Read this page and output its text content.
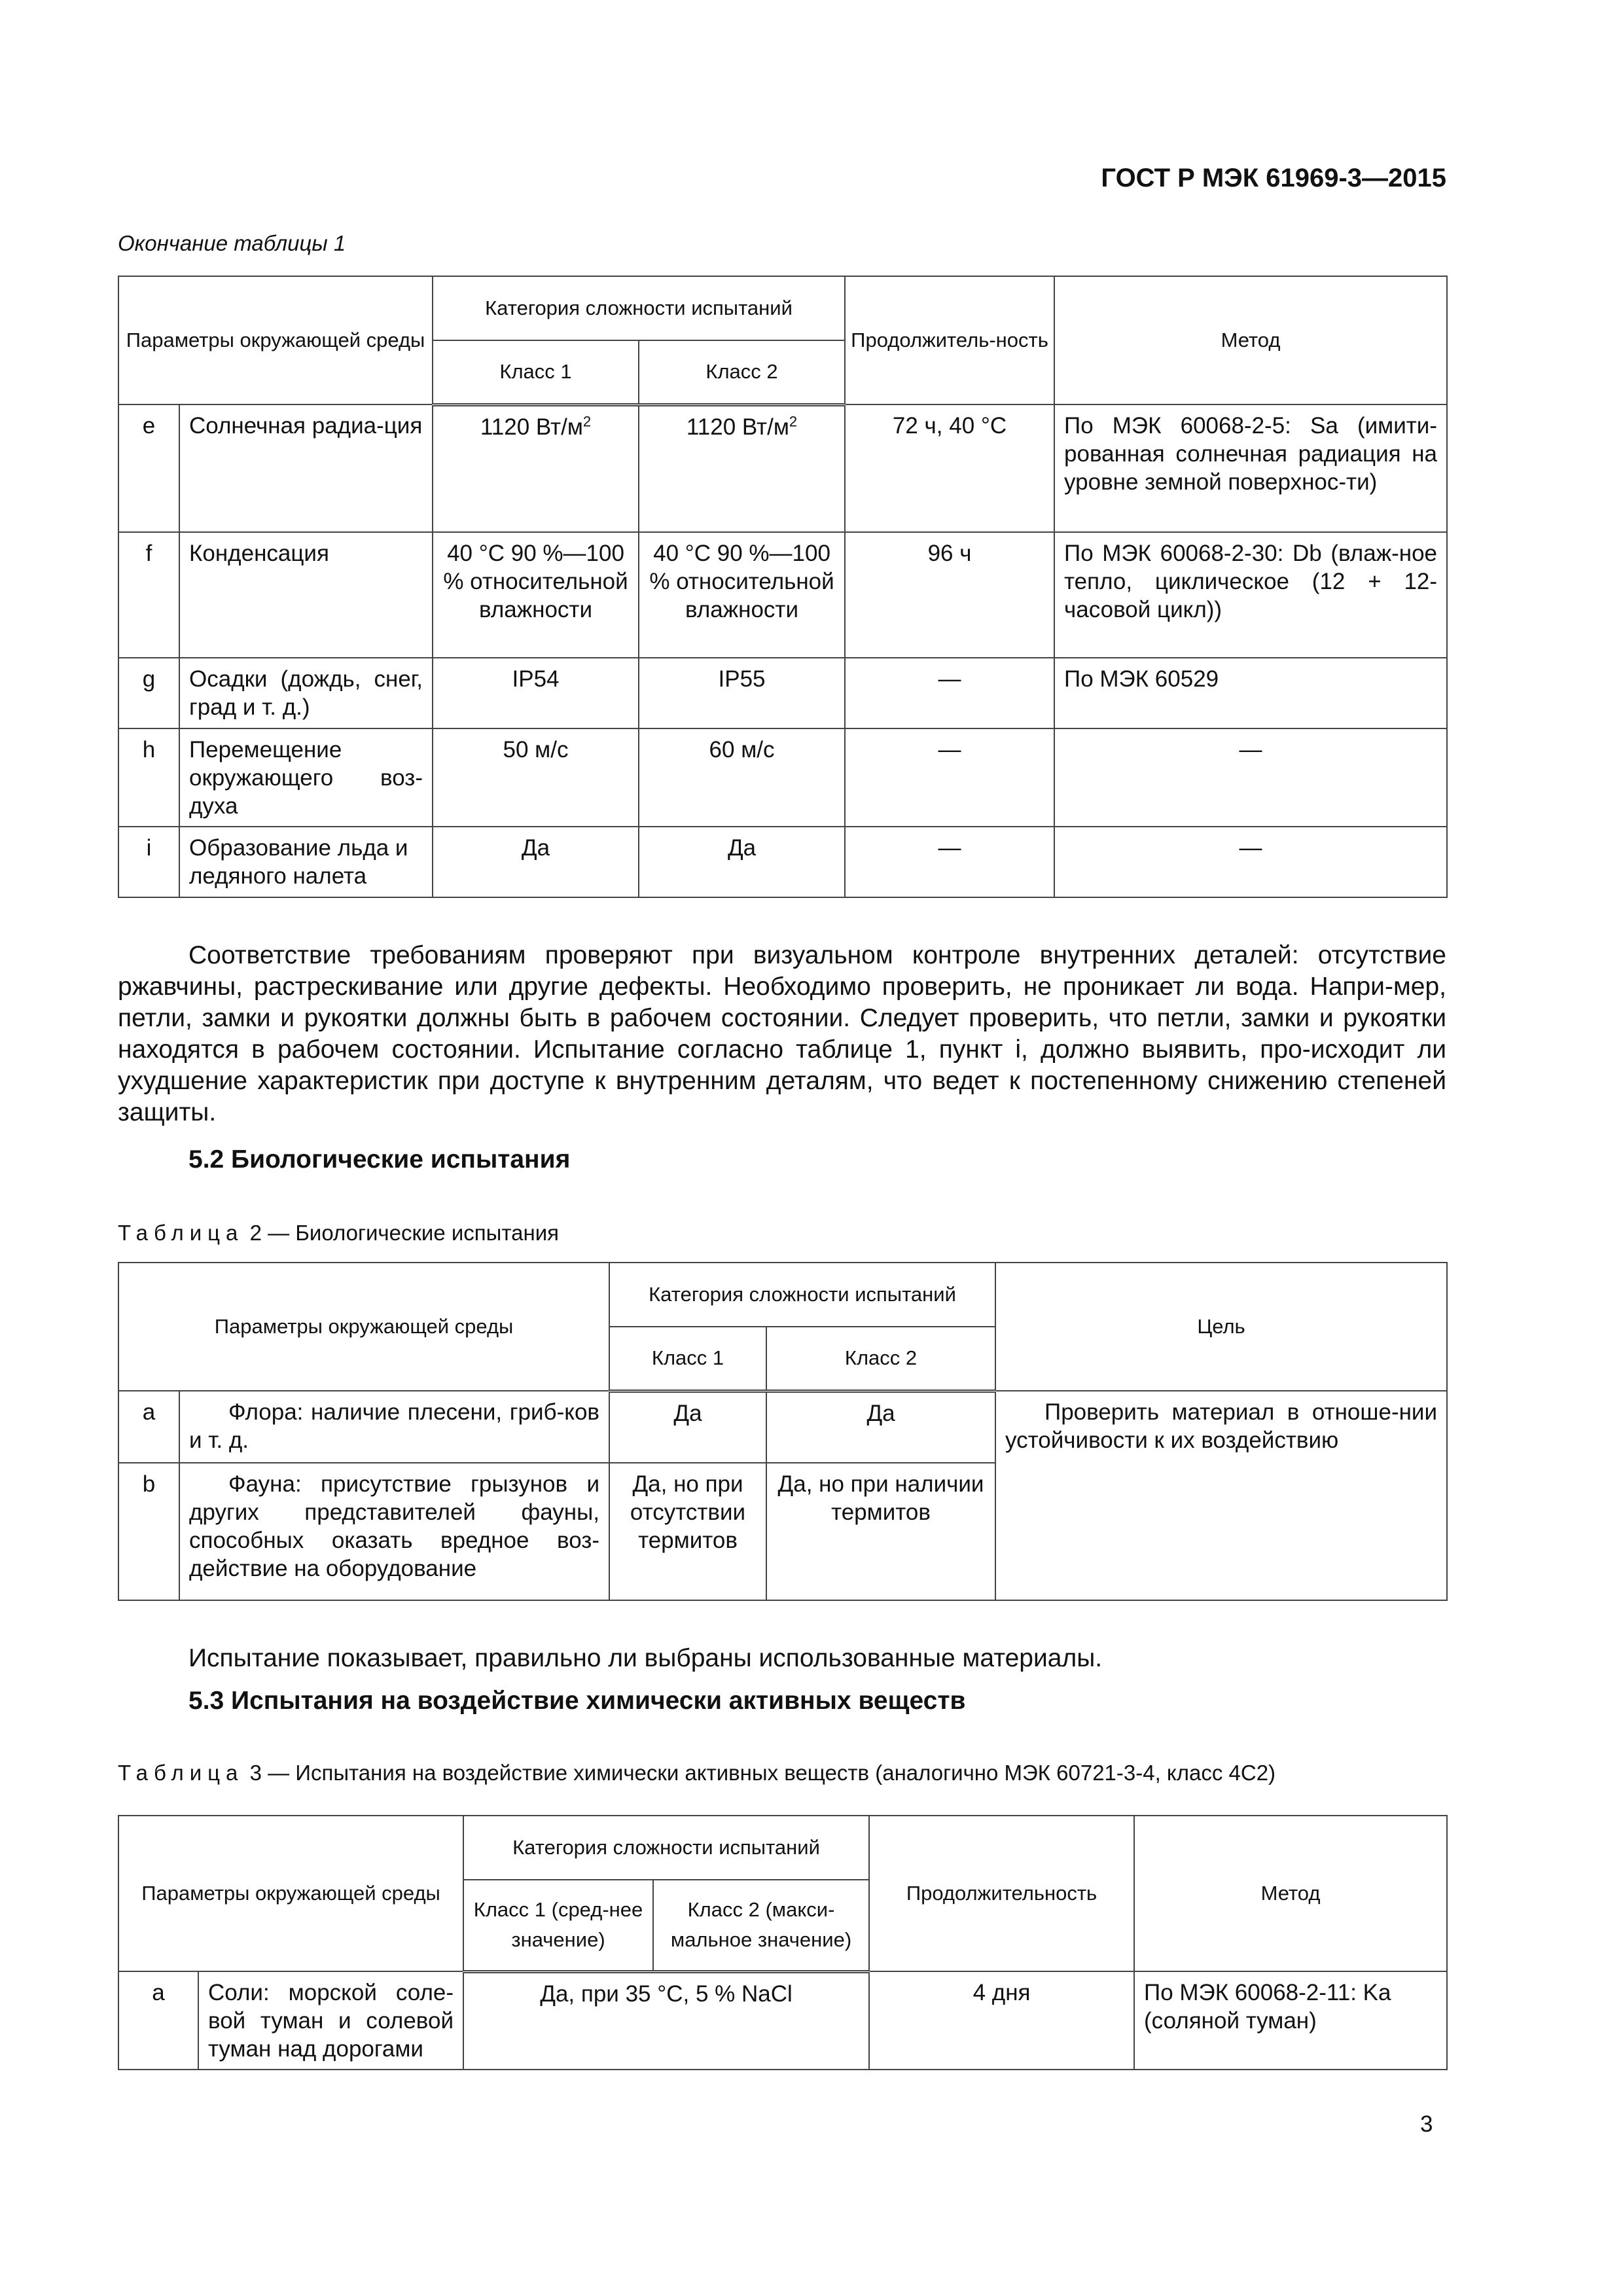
ГОСТ Р МЭК 61969-3—2015
Окончание таблицы 1
Параметры окружающей среды		Категория сложности испытаний		Продолжитель-ность	Метод
		Класс 1	Класс 2		
e	Солнечная радиа-ция	1120 $Вт/м^2$	1120 $Вт/м^2$	72 ч, 40 °С	По МЭК 60068-2-5: Sa (имити-рованная солнечная радиация на уровне земной поверхнос-ти)
f	Конденсация	40 °С 90 %—100 % относительной влажности	40 °С 90 %—100 % относительной влажности	96 ч	По МЭК 60068-2-30: Db (влаж-ное тепло, циклическое (12 + 12-часовой цикл))
g	Осадки (дождь, снег, град и т. д.)	IP54	IP55	—	По МЭК 60529
h	Перемещение окружающего воз-духа	50 м/с	60 м/с	—	—
i	Образование льда и ледяного налета	Да	Да	—	—
Соответствие требованиям проверяют при визуальном контроле внутренних деталей: отсутствие ржавчины, растрескивание или другие дефекты. Необходимо проверить, не проникает ли вода. Напри-мер, петли, замки и рукоятки должны быть в рабочем состоянии. Следует проверить, что петли, замки и рукоятки находятся в рабочем состоянии. Испытание согласно таблице 1, пункт i, должно выявить, про-исходит ли ухудшение характеристик при доступе к внутренним деталям, что ведет к постепенному снижению степеней защиты.
5.2 Биологические испытания
Таблица 2 — Биологические испытания
Параметры окружающей среды		Категория сложности испытаний		Цель
		Класс 1	Класс 2	
a	Флора: наличие плесени, гриб-ков и т. д.	Да	Да	Проверить материал в отноше-нии устойчивости к их воздействию
b	Фауна: присутствие грызунов и других представителей фауны, способных оказать вредное воз-действие на оборудование	Да, но при отсутствии термитов	Да, но при наличии термитов	
Испытание показывает, правильно ли выбраны использованные материалы.
5.3 Испытания на воздействие химически активных веществ
Таблица 3 — Испытания на воздействие химически активных веществ (аналогично МЭК 60721-3-4, класс 4С2)
Параметры окружающей среды		Категория сложности испытаний		Продолжительность	Метод
		Класс 1 (сред-нее значение)	Класс 2 (макси-мальное значение)		
a	Соли: морской соле-вой туман и солевой туман над дорогами	Да, при 35 °С, 5 % NaCl		4 дня	По МЭК 60068-2-11: Ka (соляной туман)
3
